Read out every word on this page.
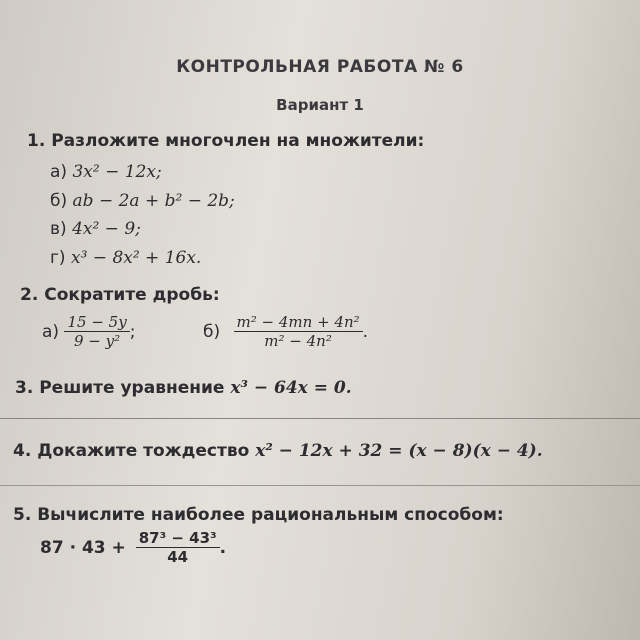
КОНТРОЛЬНАЯ РАБОТА № 6
Вариант 1
1. Разложите многочлен на множители:
а) 3x² − 12x;
б) ab − 2a + b² − 2b;
в) 4x² − 9;
г) x³ − 8x² + 16x.
2. Сократите дробь:
$а) \frac{15 - 5y}{\text{9 − y²}}$ ;	$б) \frac{\text{m² − 4mn + 4n²}}{\text{m² − 4n²}}$ .
3. Решите уравнение x³ − 64x = 0.
4. Докажите тождество x² − 12x + 32 = (x − 8)(x − 4).
5. Вычислите наиболее рациональным способом:
$87 \cdot 43 + \frac{\text{87³ − 43³}}{44}$ .
